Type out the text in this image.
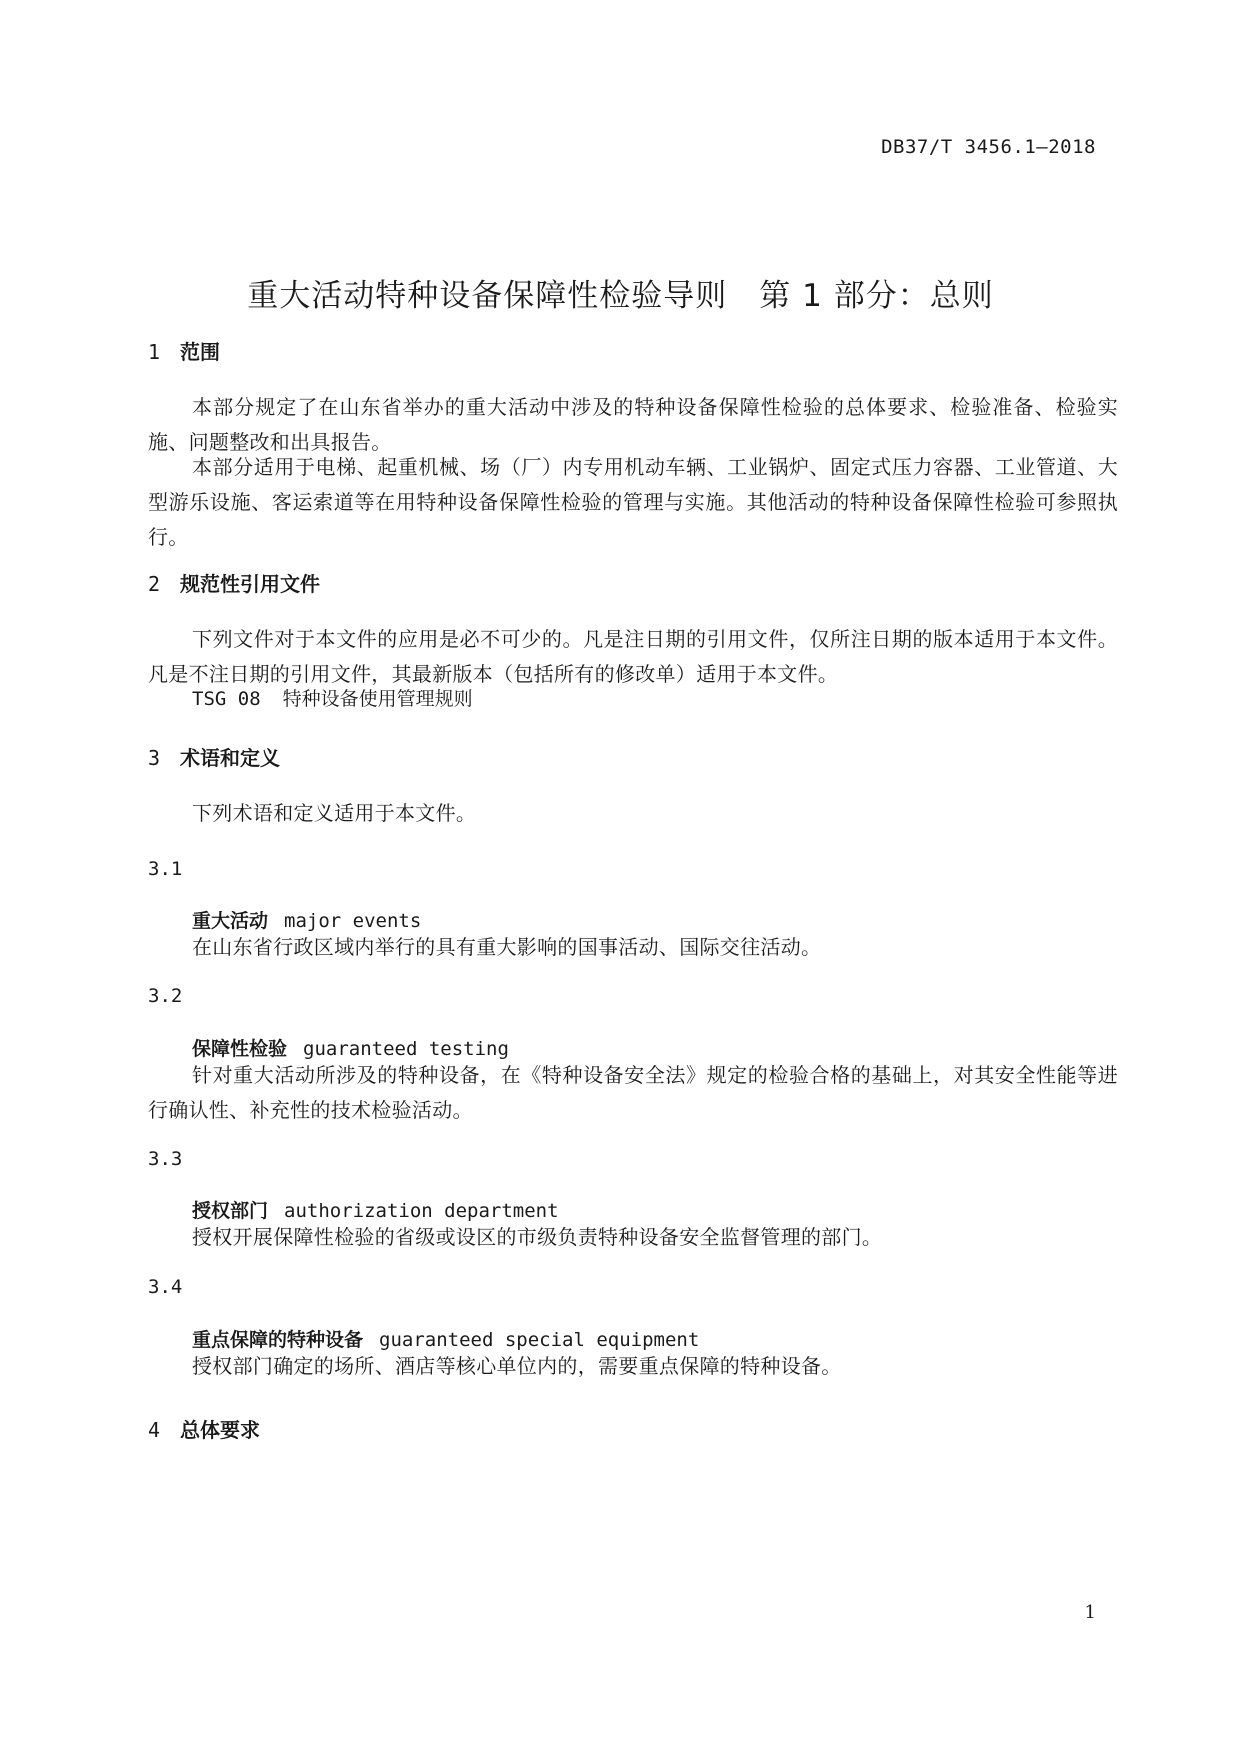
DB37/T 3456.1—2018
重大活动特种设备保障性检验导则　第 1 部分：总则
1 范围
本部分规定了在山东省举办的重大活动中涉及的特种设备保障性检验的总体要求、检验准备、检验实施、问题整改和出具报告。
本部分适用于电梯、起重机械、场（厂）内专用机动车辆、工业锅炉、固定式压力容器、工业管道、大型游乐设施、客运索道等在用特种设备保障性检验的管理与实施。其他活动的特种设备保障性检验可参照执行。
2 规范性引用文件
下列文件对于本文件的应用是必不可少的。凡是注日期的引用文件，仅所注日期的版本适用于本文件。凡是不注日期的引用文件，其最新版本（包括所有的修改单）适用于本文件。
TSG 08 特种设备使用管理规则
3 术语和定义
下列术语和定义适用于本文件。
3.1
重大活动 major events
在山东省行政区域内举行的具有重大影响的国事活动、国际交往活动。
3.2
保障性检验 guaranteed testing
针对重大活动所涉及的特种设备，在《特种设备安全法》规定的检验合格的基础上，对其安全性能等进行确认性、补充性的技术检验活动。
3.3
授权部门 authorization department
授权开展保障性检验的省级或设区的市级负责特种设备安全监督管理的部门。
3.4
重点保障的特种设备 guaranteed special equipment
授权部门确定的场所、酒店等核心单位内的，需要重点保障的特种设备。
4 总体要求
1
